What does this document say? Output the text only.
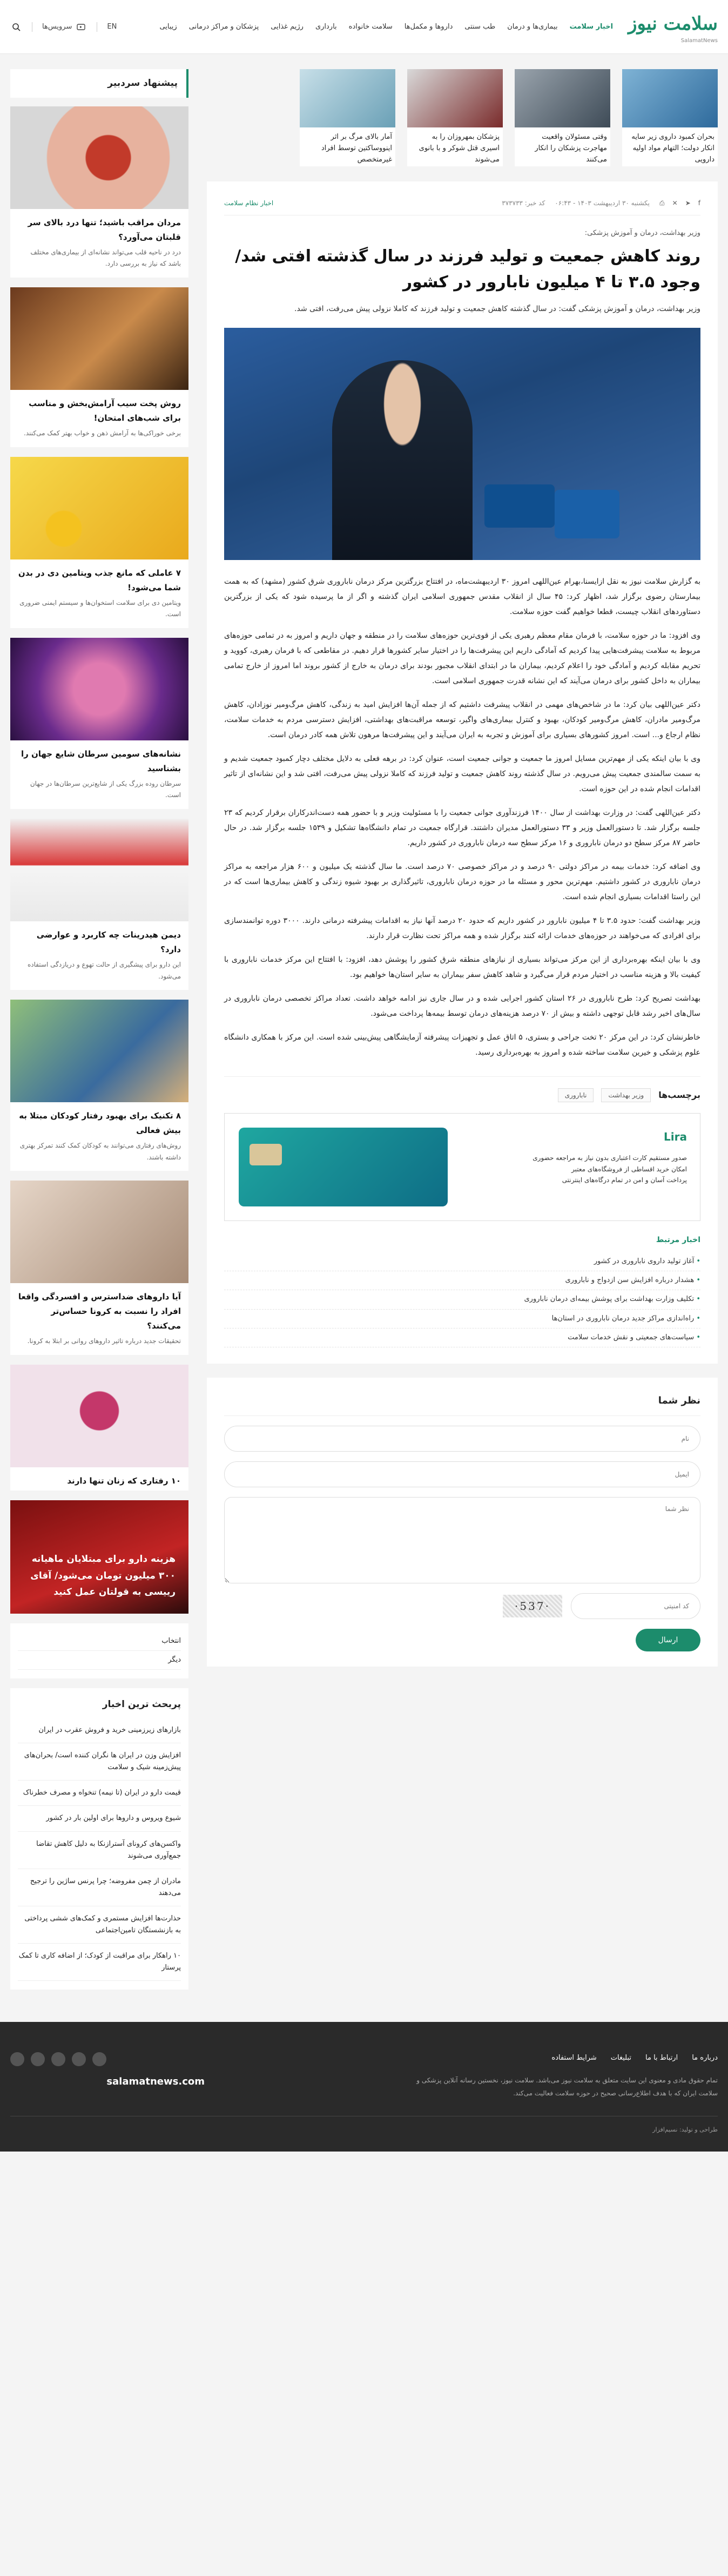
سلامت نیوز
SalamatNews
اخبار سلامت
بیماری‌ها و درمان
طب سنتی
داروها و مکمل‌ها
سلامت خانواده
بارداری
رژیم غذایی
پزشکان و مراکز درمانی
زیبایی
EN
سرویس‌ها
بحران کمبود داروی زیر سایه انکار دولت؛ التهام مواد اولیه دارویی
وقتی مسئولان واقعیت مهاجرت پزشکان را انکار می‌کنند
پزشکان بمهروزان را به اسیری قتل شوکر و با بانوی می‌شوند
آمار بالای مرگ بر اثر اینووساکتین توسط افراد غیرمتخصص
f
➤
✕
⎙
یکشنبه ۳۰ اردیبهشت ۱۴۰۳ - ۰۶:۴۳
کد خبر: ۳۷۳۷۳۳
اخبار نظام سلامت
وزیر بهداشت، درمان و آموزش پزشکی:
روند کاهش جمعیت و تولید فرزند در سال گذشته افتی شد/ وجود ۳.۵ تا ۴ میلیون نابارور در کشور

وزیر بهداشت، درمان و آموزش پزشکی گفت: در سال گذشته کاهش جمعیت و تولید فرزند که کاملا نزولی پیش می‌رفت، افتی شد.

به گزارش سلامت نیوز به نقل ازایسنا،بهرام عین‌اللهی امروز ۳۰ اردیبهشت‌ماه، در افتتاح بزرگترین مرکز درمان ناباروری شرق کشور (مشهد) که به همت بیمارستان رضوی برگزار شد، اظهار کرد: ۴۵ سال از انقلاب مقدس جمهوری اسلامی ایران گذشته و اگر از ما پرسیده شود که یکی از بزرگترین دستاوردهای انقلاب چیست، قطعا خواهیم گفت حوزه سلامت.

وی افزود: ما در حوزه سلامت، با فرمان مقام معظم رهبری یکی از قوی‌ترین حوزه‌های سلامت را در منطقه و جهان داریم و امروز به در تمامی حوزه‌های مربوط به سلامت پیشرفت‌هایی پیدا کردیم که آمادگی داریم این پیشرفت‌ها را در اختیار سایر کشورها قرار دهیم. در مقاطعی که با فرمان رهبری، کووید و تحریم مقابله کردیم و آمادگی خود را اعلام کردیم، بیماران ما در ابتدای انقلاب مجبور بودند برای درمان به خارج از کشور بروند اما امروز از خارج تمامی بیماران به داخل کشور برای درمان می‌آیند که این نشانه قدرت جمهوری اسلامی است.

دکتر عین‌اللهی بیان کرد: ما در شاخص‌های مهمی در انقلاب پیشرفت داشتیم که از جمله آن‌ها افزایش امید به زندگی، کاهش مرگ‌ومیر نوزادان، کاهش مرگ‌ومیر مادران، کاهش مرگ‌ومیر کودکان، بهبود و کنترل بیماری‌های واگیر، توسعه مراقبت‌های بهداشتی، افزایش دسترسی مردم به خدمات سلامت، نظام ارجاع و... است. امروز کشورهای بسیاری برای آموزش و تجربه به ایران می‌آیند و این پیشرفت‌ها مرهون تلاش همه کادر درمان است.

وی با بیان اینکه یکی از مهم‌ترین مسایل امروز ما جمعیت و جوانی جمعیت است، عنوان کرد: در برهه فعلی به دلایل مختلف دچار کمبود جمعیت شدیم و به سمت سالمندی جمعیت پیش می‌رویم. در سال گذشته روند کاهش جمعیت و تولید فرزند که کاملا نزولی پیش می‌رفت، افتی شد و این نشانه‌ای از تاثیر اقدامات انجام شده در این حوزه است.

دکتر عین‌اللهی گفت: در وزارت بهداشت از سال ۱۴۰۰ فرزندآوری جوانی جمعیت را با مسئولیت وزیر و با حضور همه دست‌اندرکاران برقرار کردیم که ۲۳ جلسه برگزار شد. تا دستورالعمل وزیر و ۳۳ دستورالعمل مدیران داشتند. قرارگاه جمعیت در تمام دانشگاه‌ها تشکیل و ۱۵۳۹ جلسه برگزار شد. در حال حاضر ۸۷ مرکز سطح دو درمان ناباروری و ۱۶ مرکز سطح سه درمان ناباروری در کشور داریم.

وی اضافه کرد: خدمات بیمه در مراکز دولتی ۹۰ درصد و در مراکز خصوصی ۷۰ درصد است. ما سال گذشته یک میلیون و ۶۰۰ هزار مراجعه به مراکز درمان ناباروری در کشور داشتیم. مهم‌ترین محور و مسئله ما در حوزه درمان ناباروری، تاثیرگذاری بر بهبود شیوه زندگی و کاهش بیماری‌ها است که در این راستا اقدامات بسیاری انجام شده است.

وزیر بهداشت گفت: حدود ۳.۵ تا ۴ میلیون نابارور در کشور داریم که حدود ۲۰ درصد آنها نیاز به اقدامات پیشرفته درمانی دارند. ۳۰۰۰ دوره توانمندسازی برای افرادی که می‌خواهند در حوزه‌های خدمات ارائه کنند برگزار شده و همه مراکز تحت نظارت قرار دارند.

وی با بیان اینکه بهره‌برداری از این مرکز می‌تواند بسیاری از نیازهای منطقه شرق کشور را پوشش دهد، افزود: با افتتاح این مرکز خدمات ناباروری با کیفیت بالا و هزینه مناسب در اختیار مردم قرار می‌گیرد و شاهد کاهش سفر بیماران به سایر استان‌ها خواهیم بود.

بهداشت تصریح کرد: طرح ناباروری در ۲۶ استان کشور اجرایی شده و در سال جاری نیز ادامه خواهد داشت. تعداد مراکز تخصصی درمان ناباروری در سال‌های اخیر رشد قابل توجهی داشته و بیش از ۷۰ درصد هزینه‌های درمان توسط بیمه‌ها پرداخت می‌شود.

خاطرنشان کرد: در این مرکز ۲۰ تخت جراحی و بستری، ۵ اتاق عمل و تجهیزات پیشرفته آزمایشگاهی پیش‌بینی شده است. این مرکز با همکاری دانشگاه علوم پزشکی و خیرین سلامت ساخته شده و امروز به بهره‌برداری رسید.

برچسب‌ها
وزیر بهداشت
ناباروری
Lira
صدور مستقیم کارت اعتباری بدون نیاز به مراجعه حضوری
امکان خرید اقساطی از فروشگاه‌های معتبر
پرداخت آسان و امن در تمام درگاه‌های اینترنتی
اخبار مرتبط
• آغاز تولید داروی ناباروری در کشور
• هشدار درباره افزایش سن ازدواج و ناباروری
• تکلیف وزارت بهداشت برای پوشش بیمه‌ای درمان ناباروری
• راه‌اندازی مراکز جدید درمان ناباروری در استان‌ها
• سیاست‌های جمعیتی و نقش خدمات سلامت
نظر شما
نام
ایمیل
نظر شما
کد امنیتی
·537·
ارسال
پیشنهاد سردبیر
مردان مراقب باشید؛ تنها درد بالای سر قلبتان می‌آورد؟

درد در ناحیه قلب می‌تواند نشانه‌ای از بیماری‌های مختلف باشد که نیاز به بررسی دارد.

روش پخت سیب آرامش‌بخش و مناسب برای شب‌های امتحان!

برخی خوراکی‌ها به آرامش ذهن و خواب بهتر کمک می‌کنند.

۷ عاملی که مانع جذب ویتامین دی در بدن شما می‌شود!

ویتامین دی برای سلامت استخوان‌ها و سیستم ایمنی ضروری است.

نشانه‌های سومین سرطان شایع جهان را بشناسید

سرطان روده بزرگ یکی از شایع‌ترین سرطان‌ها در جهان است.

دیمن هیدرینات چه کاربرد و عوارضی دارد؟

این دارو برای پیشگیری از حالت تهوع و دریازدگی استفاده می‌شود.

۸ تکنیک برای بهبود رفتار کودکان مبتلا به بیش فعالی

روش‌های رفتاری می‌توانند به کودکان کمک کنند تمرکز بهتری داشته باشند.

آیا داروهای ضداسترس و افسردگی واقعا افراد را نسبت به کرونا حساس‌تر می‌کنند؟

تحقیقات جدید درباره تاثیر داروهای روانی بر ابتلا به کرونا.

۱۰ رفتاری که زنان تنها دارند
هزینه دارو برای مبتلایان ماهیانه ۳۰۰ میلیون تومان می‌شود/ آقای رییسی به قولتان عمل کنید
انتخاب
دیگر
پربحث ترین اخبار
بازارهای زیرزمینی خرید و فروش عقرب در ایران
افزایش وزن در ایران ها نگران کننده است/ بحران‌های پیش‌زمینه شیک و سلامت
قیمت دارو در ایران (تا نیمه‌) تنخواه و مصرف خطرناک
شیوع ویروس و داروها برای اولین بار در کشور
واکسن‌های کرونای آسترازنکا به دلیل کاهش تقاضا جمع‌آوری می‌شوند
مادران از چمن مفروضه؛ چرا پرنس ساژین را ترجیح می‌دهند
حذارت‌ها افزایش مستمری و کمک‌های ششی پرداختی به بازنشستگان تامین‌اجتماعی
۱۰ راهکار برای مراقبت از کودک؛ از اضافه کاری تا کمک پرستار
درباره ما
ارتباط با ما
تبلیغات
شرایط استفاده

تمام حقوق مادی و معنوی این سایت متعلق به سلامت نیوز می‌باشد. سلامت نیوز، نخستین رسانه آنلاین پزشکی و سلامت ایران که با هدف اطلاع‌رسانی صحیح در حوزه سلامت فعالیت می‌کند.

salamatnews.com
طراحی و تولید: نسیم‌افزار
